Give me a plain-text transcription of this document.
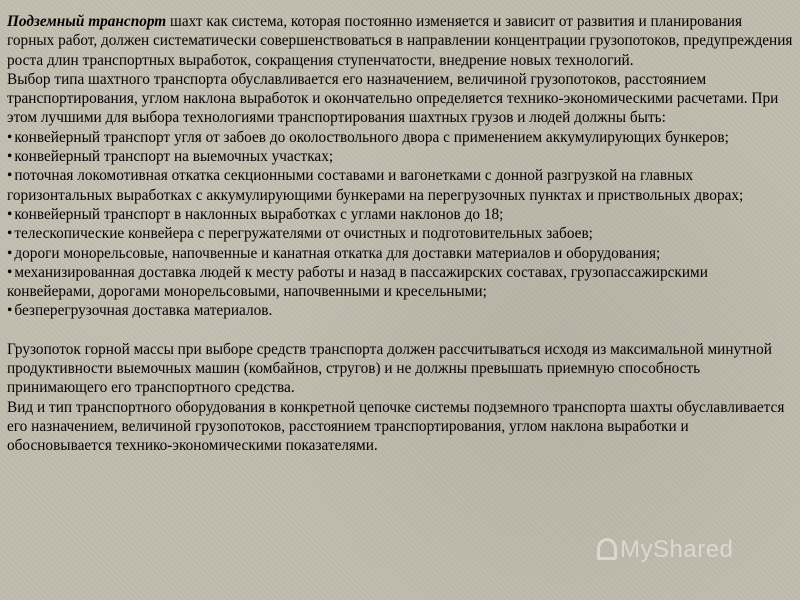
Подземный транспорт шахт как система, которая постоянно изменяется и зависит от развития и планирования горных работ, должен систематически совершенствоваться в направлении концентрации грузопотоков, предупреждения роста длин транспортных выработок, сокращения ступенчатости, внедрение новых технологий.

Выбор типа шахтного транспорта обуславливается его назначением, величиной грузопотоков, расстоянием транспортирования, углом наклона выработок и окончательно определяется технико-экономическими расчетами. При этом лучшими для выбора технологиями транспортирования шахтных грузов и людей должны быть:

• конвейерный транспорт угля от забоев до околоствольного двора с применением аккумулирующих бункеров;

• конвейерный транспорт на выемочных участках;

• поточная локомотивная откатка секционными составами и вагонетками с донной разгрузкой на главных горизонтальных выработках с аккумулирующими бункерами на перегрузочных пунктах и приствольных дворах;

• конвейерный транспорт в наклонных выработках с углами наклонов до 18;

• телескопические конвейера с перегружателями от очистных и подготовительных забоев;

• дороги монорельсовые, напочвенные и канатная откатка для доставки материалов и оборудования;

• механизированная доставка людей к месту работы и назад в пассажирских составах, грузопассажирскими конвейерами, дорогами монорельсовыми, напочвенными и кресельными;

• безперегрузочная доставка материалов.

Грузопоток горной массы при выборе средств транспорта должен рассчитываться исходя из максимальной минутной продуктивности выемочных машин (комбайнов, стругов) и не должны превышать приемную способность принимающего его транспортного средства.

Вид и тип транспортного оборудования в конкретной цепочке системы подземного транспорта шахты обуславливается его назначением, величиной грузопотоков, расстоянием транспортирования, углом наклона выработки и обосновывается технико-экономическими показателями.

MyShared
